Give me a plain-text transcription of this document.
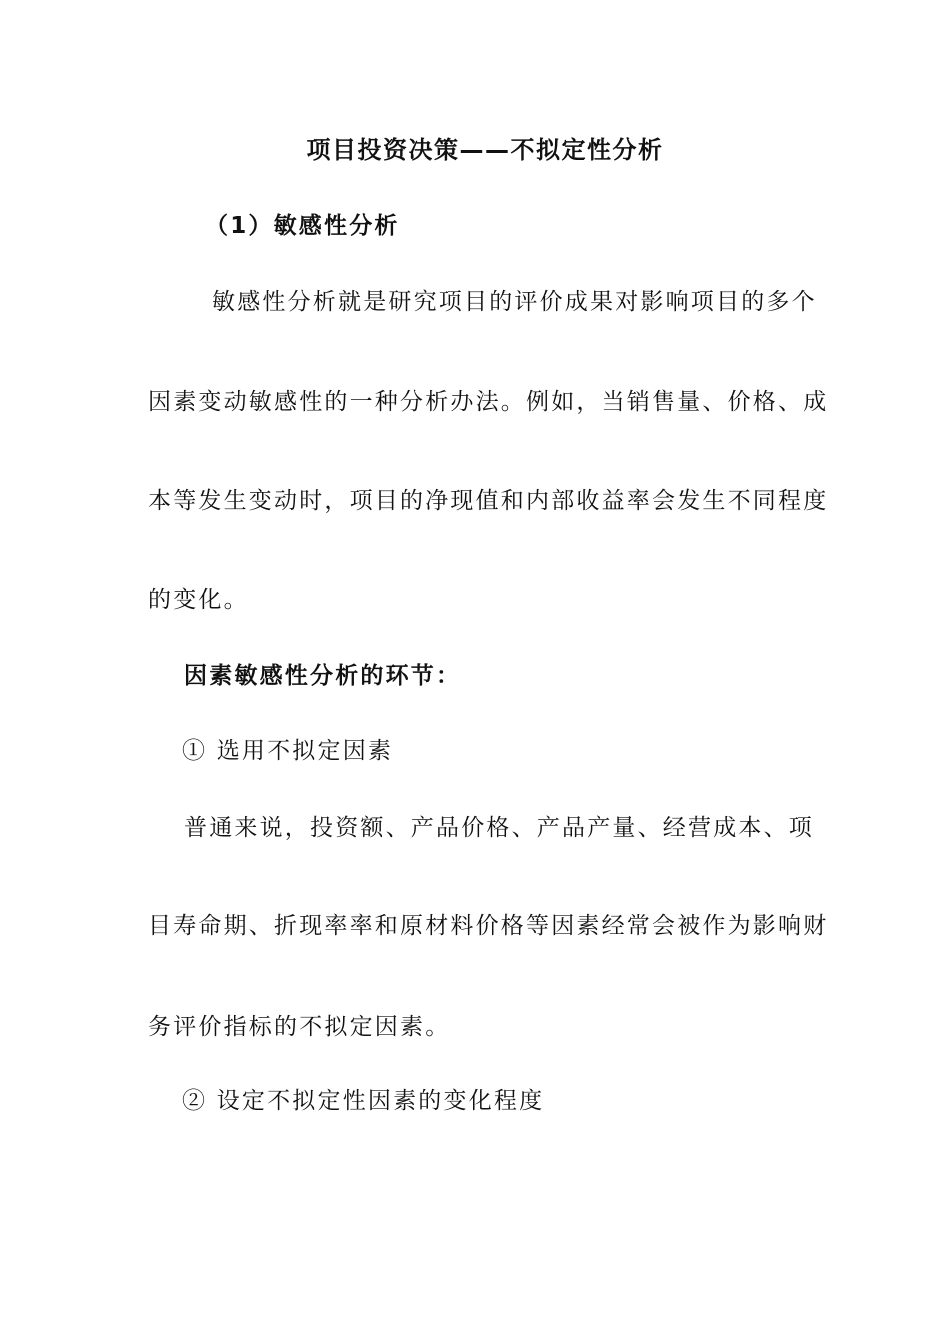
项目投资决策——不拟定性分析
（1）敏感性分析
敏感性分析就是研究项目的评价成果对影响项目的多个
因素变动敏感性的一种分析办法。例如，当销售量、价格、成
本等发生变动时，项目的净现值和内部收益率会发生不同程度
的变化。
因素敏感性分析的环节：
① 选用不拟定因素
普通来说，投资额、产品价格、产品产量、经营成本、项
目寿命期、折现率率和原材料价格等因素经常会被作为影响财
务评价指标的不拟定因素。
② 设定不拟定性因素的变化程度
